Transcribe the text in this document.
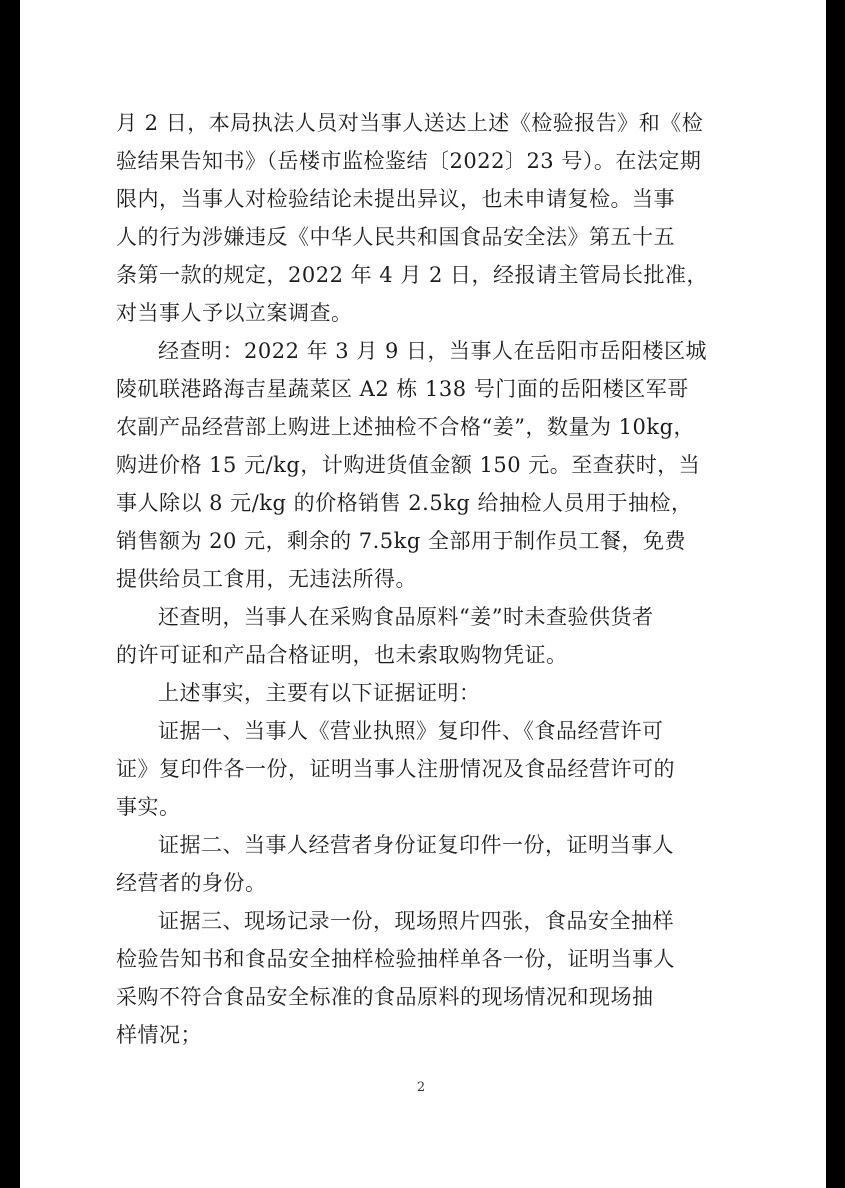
月 2 日，本局执法人员对当事人送达上述《检验报告》和《检
验结果告知书》（岳楼市监检鉴结〔2022〕23 号）。在法定期
限内，当事人对检验结论未提出异议，也未申请复检。当事
人的行为涉嫌违反《中华人民共和国食品安全法》第五十五
条第一款的规定，2022 年 4 月 2 日，经报请主管局长批准，
对当事人予以立案调查。
经查明：2022 年 3 月 9 日，当事人在岳阳市岳阳楼区城
陵矶联港路海吉星蔬菜区 A2 栋 138 号门面的岳阳楼区军哥
农副产品经营部上购进上述抽检不合格“姜”，数量为 10kg，
购进价格 15 元/kg，计购进货值金额 150 元。至查获时，当
事人除以 8 元/kg 的价格销售 2.5kg 给抽检人员用于抽检，
销售额为 20 元，剩余的 7.5kg 全部用于制作员工餐，免费
提供给员工食用，无违法所得。
还查明，当事人在采购食品原料“姜”时未查验供货者
的许可证和产品合格证明，也未索取购物凭证。
上述事实，主要有以下证据证明：
证据一、当事人《营业执照》复印件、《食品经营许可
证》复印件各一份，证明当事人注册情况及食品经营许可的
事实。
证据二、当事人经营者身份证复印件一份，证明当事人
经营者的身份。
证据三、现场记录一份，现场照片四张，食品安全抽样
检验告知书和食品安全抽样检验抽样单各一份，证明当事人
采购不符合食品安全标准的食品原料的现场情况和现场抽
样情况；
2
